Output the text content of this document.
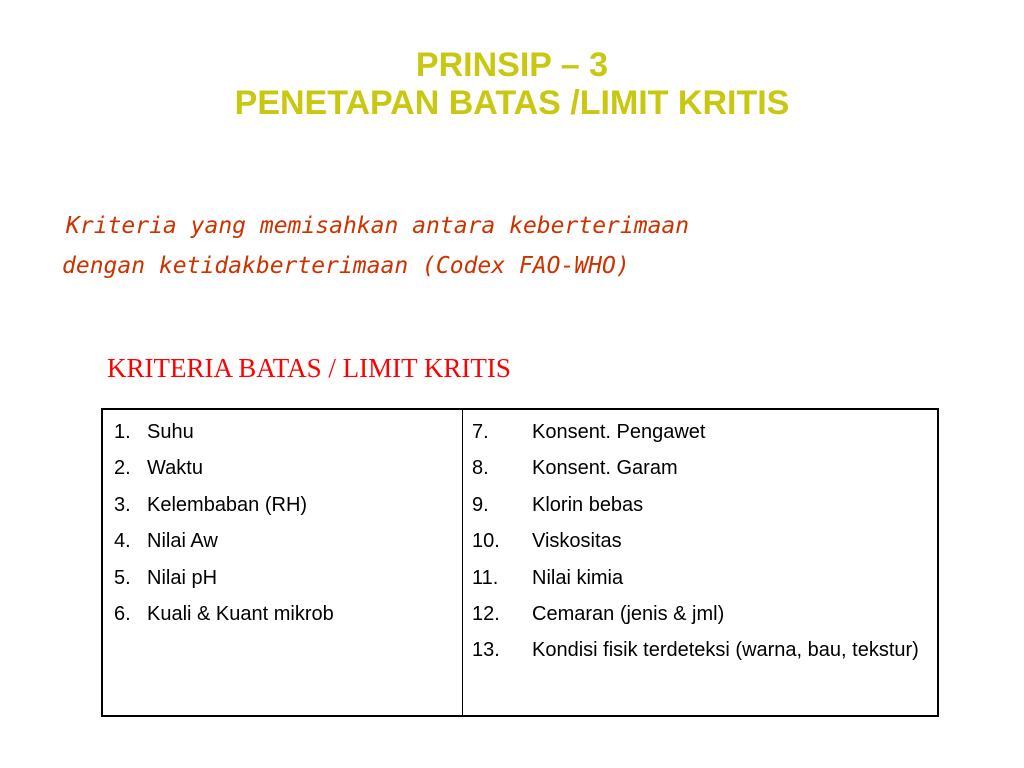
PRINSIP – 3
PENETAPAN BATAS /LIMIT KRITIS
Kriteria yang memisahkan antara keberterimaan
dengan ketidakberterimaan (Codex FAO-WHO)
KRITERIA BATAS / LIMIT KRITIS
1. Suhu
2. Waktu
3. Kelembaban (RH)
4. Nilai Aw
5. Nilai pH
6. Kuali & Kuant mikrob
7.	Konsent. Pengawet
8.	Konsent. Garam
9.	Klorin bebas
10.	Viskositas
11.	Nilai kimia
12.	Cemaran (jenis & jml)
13.	Kondisi fisik terdeteksi (warna, bau, tekstur)
